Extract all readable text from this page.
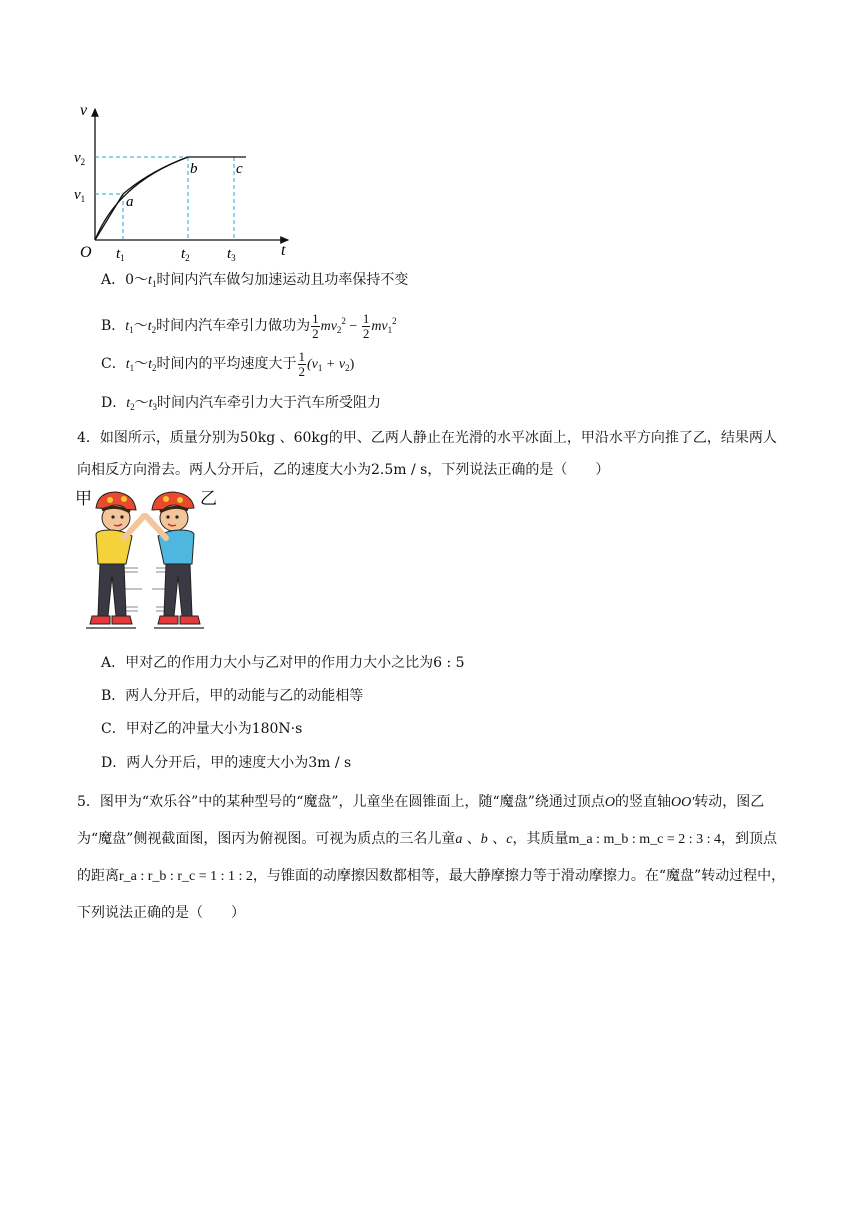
v
t
O
$v_2$
$v_1$
$t_1$	$t_2$ $t_3$
a
b	c
A．$0\sim t_1$时间内汽车做匀加速运动且功率保持不变
B．$t_1\sim t_2$时间内汽车牵引力做功为 $\frac{1}{2} mv_2^2 - \frac{1}{2} mv_1^2$
C．$t_1\sim t_2$时间内的平均速度大于 $\frac{1}{2} (v_1 + v_2)$
D．$t_2\sim t_3$时间内汽车牵引力大于汽车所受阻力
4．如图所示，质量分别为50kg 、60kg的甲、乙两人静止在光滑的水平冰面上，甲沿水平方向推了乙，结果两人向相反方向滑去。两人分开后，乙的速度大小为2.5m / s，下列说法正确的是（　　）
甲	乙
A．甲对乙的作用力大小与乙对甲的作用力大小之比为6 : 5
B．两人分开后，甲的动能与乙的动能相等
C．甲对乙的冲量大小为180N·s
D．两人分开后，甲的速度大小为3m / s
5．图甲为“欢乐谷”中的某种型号的“魔盘”，儿童坐在圆锥面上，随“魔盘”绕通过顶点O的竖直轴OO′转动，图乙为“魔盘”侧视截面图，图丙为俯视图。可视为质点的三名儿童a 、b 、c，其质量m_a : m_b : m_c = 2 : 3 : 4，到顶点的距离r_a : r_b : r_c = 1 : 1 : 2，与锥面的动摩擦因数都相等，最大静摩擦力等于滑动摩擦力。在“魔盘”转动过程中，下列说法正确的是（　　）
